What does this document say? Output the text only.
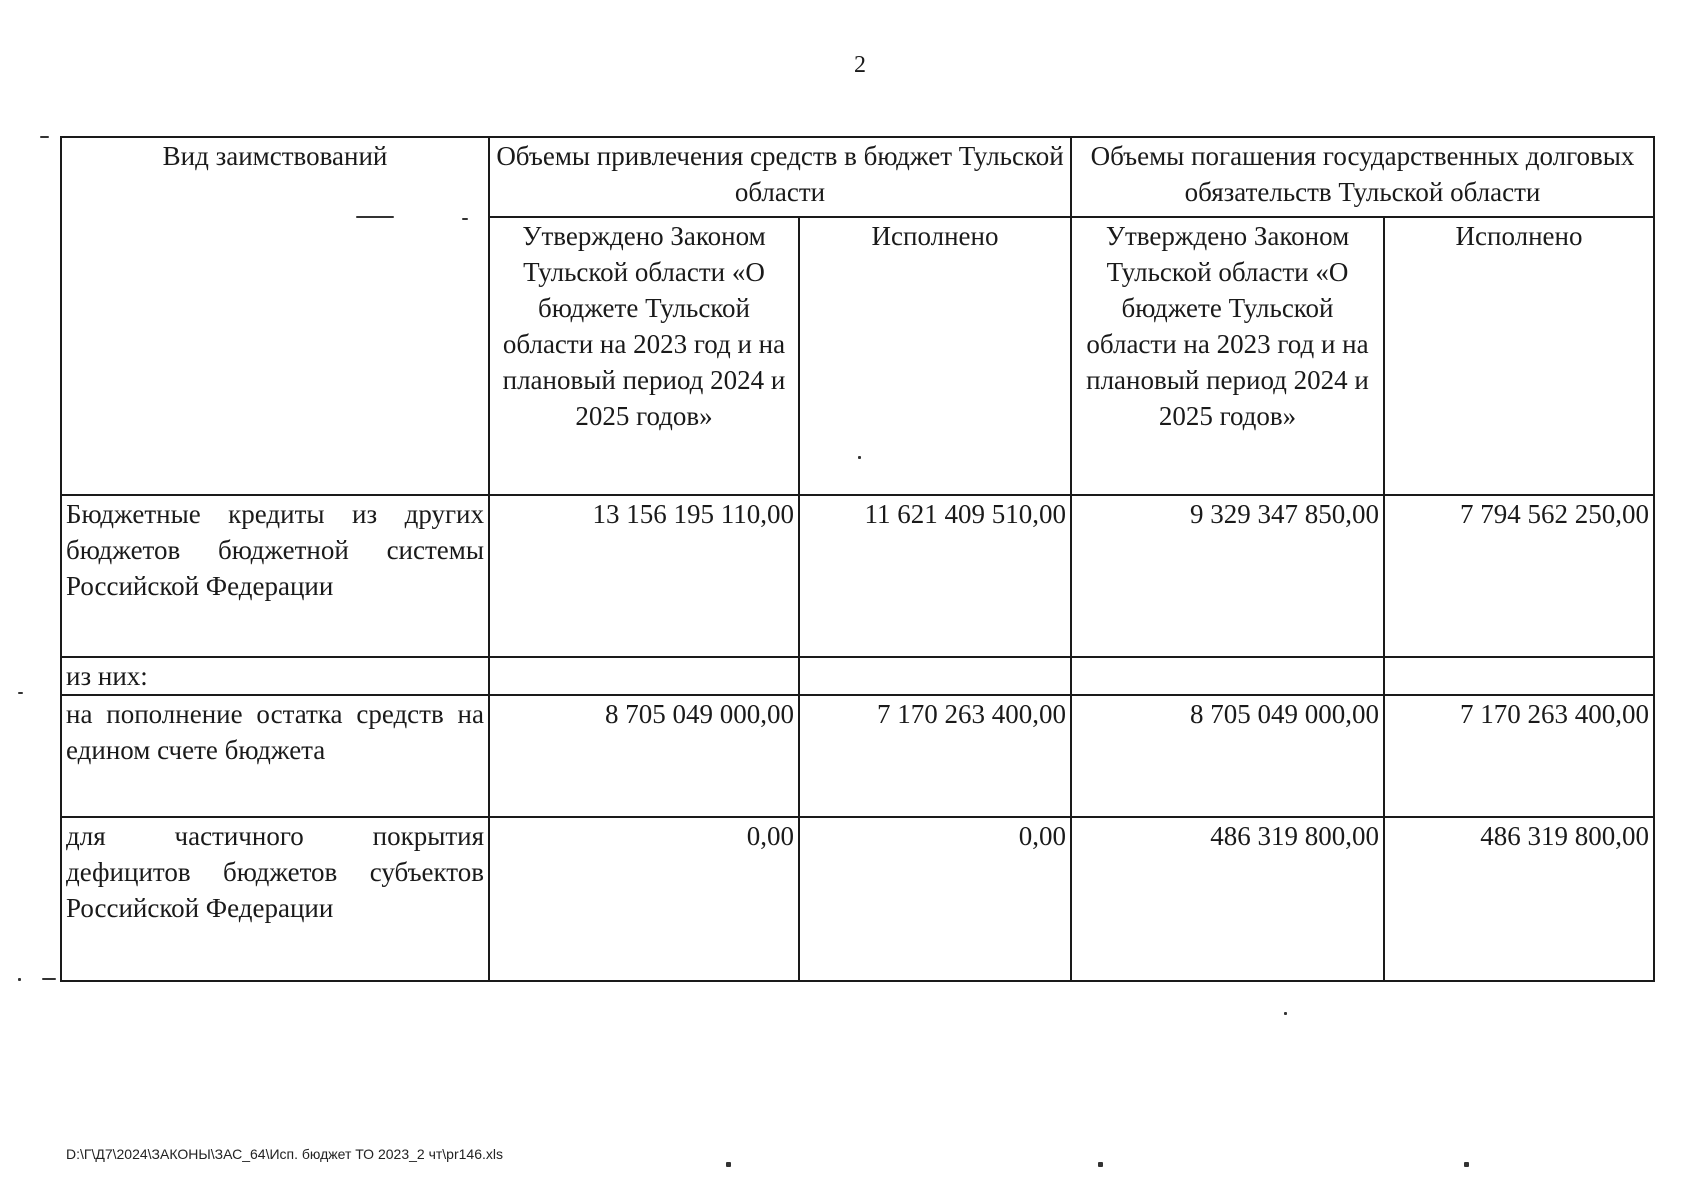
2
Вид заимствований	Объемы привлечения средств в бюджет Тульской области		Объемы погашения государственных долговых обязательств Тульской области	
	Утверждено Законом Тульской области «О бюджете Тульской области на 2023 год и на плановый период 2024 и 2025 годов»	Исполнено	Утверждено Законом Тульской области «О бюджете Тульской области на 2023 год и на плановый период 2024 и 2025 годов»	Исполнено
Бюджетные кредиты из других бюджетов бюджетной системы Российской Федерации	13 156 195 110,00	11 621 409 510,00	9 329 347 850,00	7 794 562 250,00
из них:				
на пополнение остатка средств на едином счете бюджета	8 705 049 000,00	7 170 263 400,00	8 705 049 000,00	7 170 263 400,00
для частичного покрытия дефицитов бюджетов субъектов Российской Федерации	0,00	0,00	486 319 800,00	486 319 800,00
D:\Г\Д7\2024\ЗАКОНЫ\ЗАС_64\Исп. бюджет ТО 2023_2 чт\pr146.xls
